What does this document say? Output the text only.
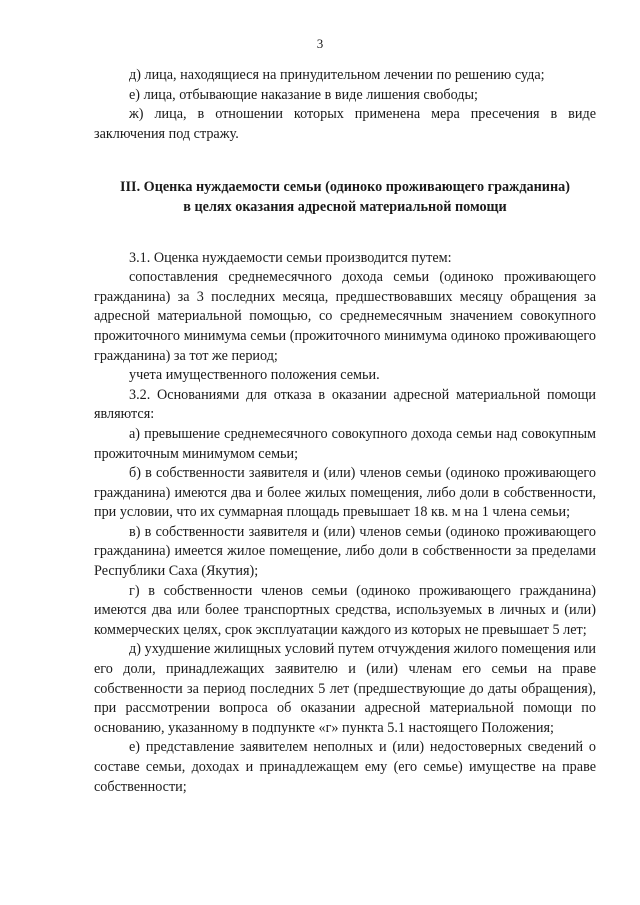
3

д) лица, находящиеся на принудительном лечении по решению суда;

е) лица, отбывающие наказание в виде лишения свободы;

ж) лица, в отношении которых применена мера пресечения в виде заключения под стражу.

III. Оценка нуждаемости семьи (одиноко проживающего гражданина)
в целях оказания адресной материальной помощи

3.1. Оценка нуждаемости семьи производится путем:

сопоставления среднемесячного дохода семьи (одиноко проживающего гражданина) за 3 последних месяца, предшествовавших месяцу обращения за адресной материальной помощью, со среднемесячным значением совокупного прожиточного минимума семьи (прожиточного минимума одиноко проживающего гражданина) за тот же период;

учета имущественного положения семьи.

3.2. Основаниями для отказа в оказании адресной материальной помощи являются:

а) превышение среднемесячного совокупного дохода семьи над совокупным прожиточным минимумом семьи;

б) в собственности заявителя и (или) членов семьи (одиноко проживающего гражданина) имеются два и более жилых помещения, либо доли в собственности, при условии, что их суммарная площадь превышает 18 кв. м на 1 члена семьи;

в) в собственности заявителя и (или) членов семьи (одиноко проживающего гражданина) имеется жилое помещение, либо доли в собственности за пределами Республики Саха (Якутия);

г) в собственности членов семьи (одиноко проживающего гражданина) имеются два или более транспортных средства, используемых в личных и (или) коммерческих целях, срок эксплуатации каждого из которых не превышает 5 лет;

д) ухудшение жилищных условий путем отчуждения жилого помещения или его доли, принадлежащих заявителю и (или) членам его семьи на праве собственности за период последних 5 лет (предшествующие до даты обращения), при рассмотрении вопроса об оказании адресной материальной помощи по основанию, указанному в подпункте «г» пункта 5.1 настоящего Положения;

е) представление заявителем неполных и (или) недостоверных сведений о составе семьи, доходах и принадлежащем ему (его семье) имуществе на праве собственности;
